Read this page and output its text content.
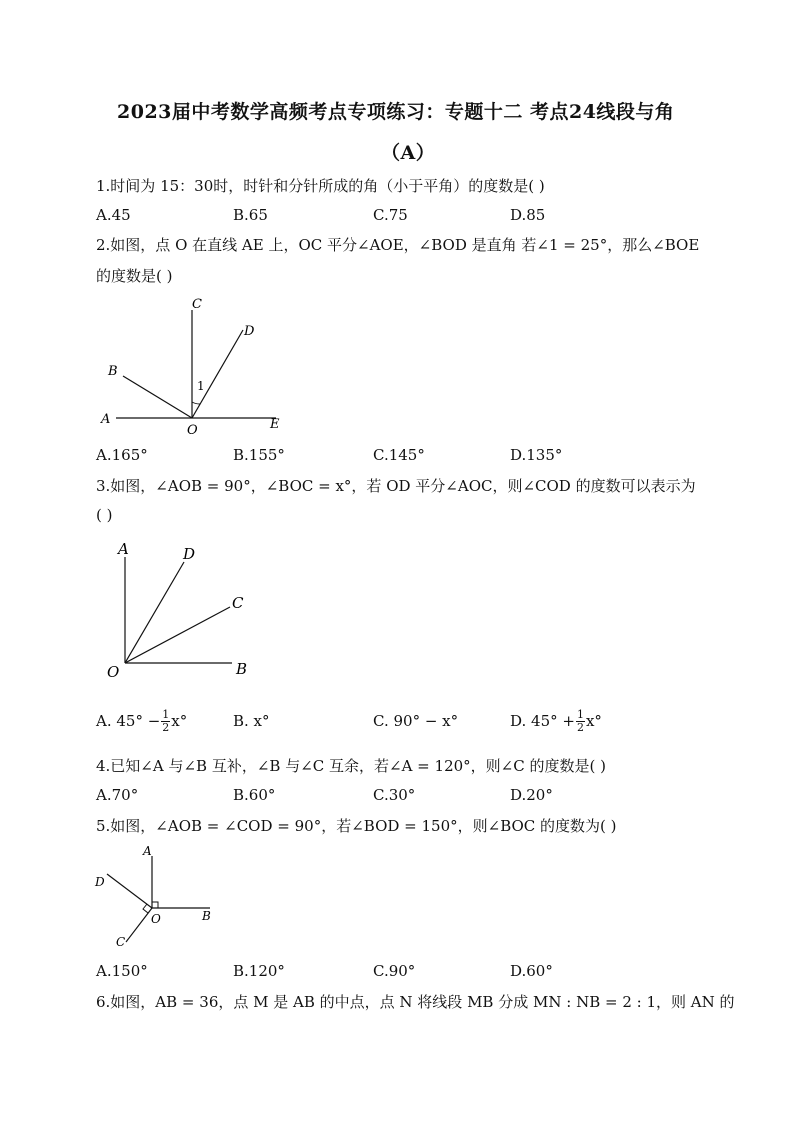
2023届中考数学高频考点专项练习：专题十二 考点24线段与角
（A）
1.时间为 15：30时，时针和分针所成的角（小于平角）的度数是( )
A.45	B.65	C.75	D.85
2.如图，点 O 在直线 AE 上，OC 平分∠AOE，∠BOD 是直角 若∠1 = 25°，那么∠BOE
的度数是( )
C
D
B
A	E
O
1
A.165°	B.155°	C.145°	D.135°
3.如图，∠AOB = 90°，∠BOC = x°，若 OD 平分∠AOC，则∠COD 的度数可以表示为
( )
A	D
C
B
O
A. $45^\circ - \frac{1}{2} x^\circ$	B. x°	C. 90° − x°	D. $45^\circ + \frac{1}{2} x^\circ$
4.已知∠A 与∠B 互补，∠B 与∠C 互余，若∠A = 120°，则∠C 的度数是( )
A.70°	B.60°	C.30°	D.20°
5.如图，∠AOB = ∠COD = 90°，若∠BOD = 150°，则∠BOC 的度数为( )
A
B
D
C
O
A.150°	B.120°	C.90°	D.60°
6.如图，AB = 36，点 M 是 AB 的中点，点 N 将线段 MB 分成 MN : NB = 2 : 1，则 AN 的
